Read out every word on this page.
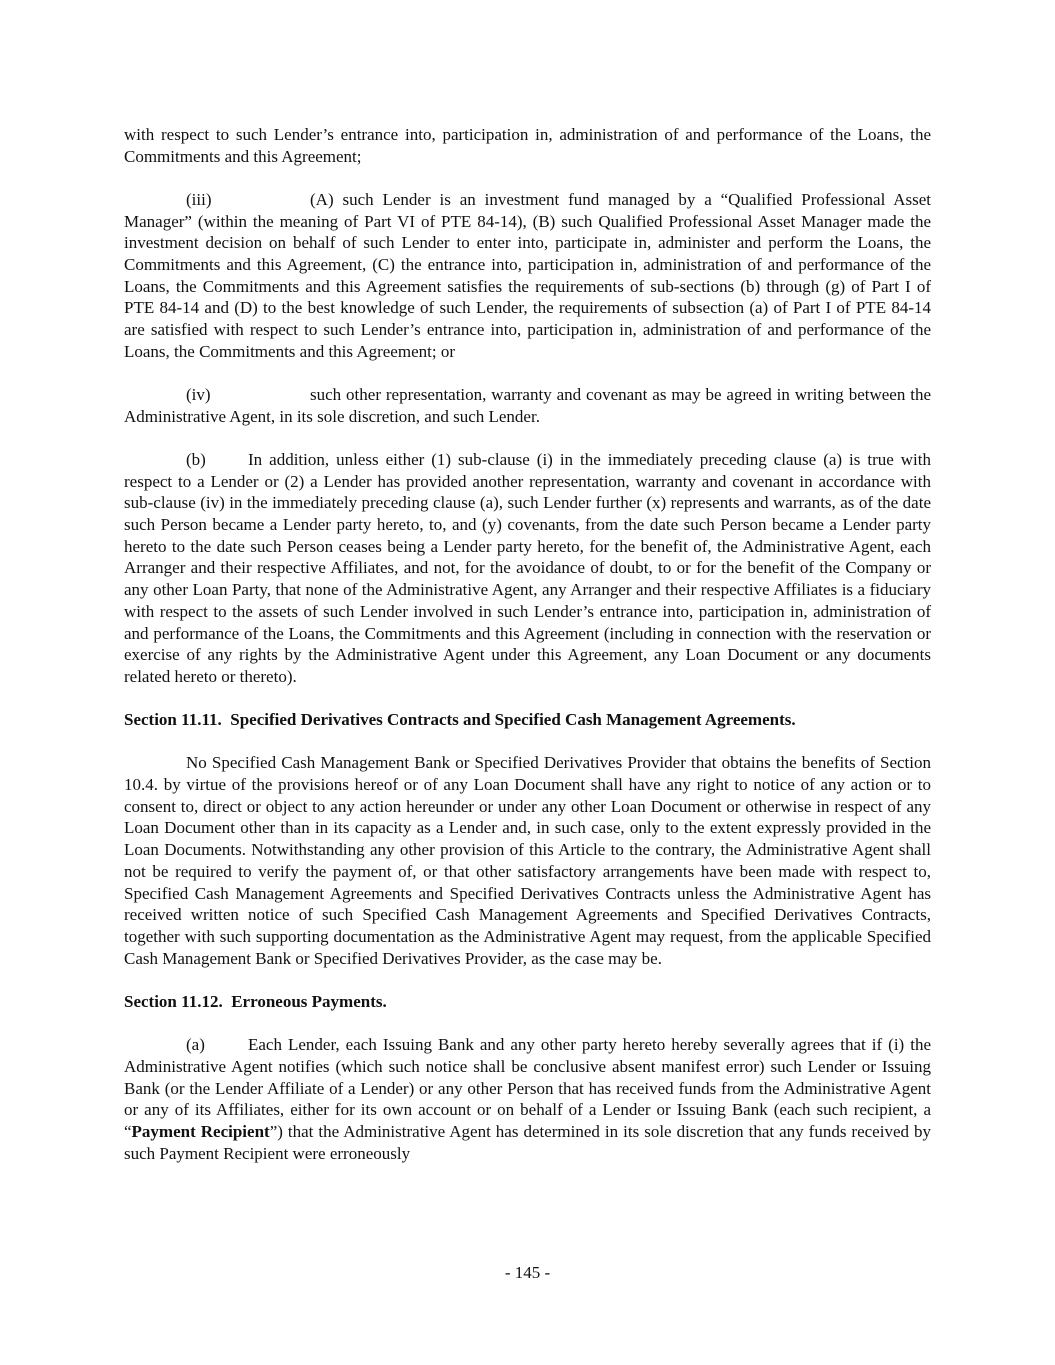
with respect to such Lender’s entrance into, participation in, administration of and performance of the Loans, the Commitments and this Agreement;

(iii)	(A) such Lender is an investment fund managed by a “Qualified Professional Asset Manager” (within the meaning of Part VI of PTE 84-14), (B) such Qualified Professional Asset Manager made the investment decision on behalf of such Lender to enter into, participate in, administer and perform the Loans, the Commitments and this Agreement, (C) the entrance into, participation in, administration of and performance of the Loans, the Commitments and this Agreement satisfies the requirements of sub-sections (b) through (g) of Part I of PTE 84-14 and (D) to the best knowledge of such Lender, the requirements of subsection (a) of Part I of PTE 84-14 are satisfied with respect to such Lender’s entrance into, participation in, administration of and performance of the Loans, the Commitments and this Agreement; or

(iv)	such other representation, warranty and covenant as may be agreed in writing between the Administrative Agent, in its sole discretion, and such Lender.

(b) In addition, unless either (1) sub-clause (i) in the immediately preceding clause (a) is true with respect to a Lender or (2) a Lender has provided another representation, warranty and covenant in accordance with sub-clause (iv) in the immediately preceding clause (a), such Lender further (x) represents and warrants, as of the date such Person became a Lender party hereto, to, and (y) covenants, from the date such Person became a Lender party hereto to the date such Person ceases being a Lender party hereto, for the benefit of, the Administrative Agent, each Arranger and their respective Affiliates, and not, for the avoidance of doubt, to or for the benefit of the Company or any other Loan Party, that none of the Administrative Agent, any Arranger and their respective Affiliates is a fiduciary with respect to the assets of such Lender involved in such Lender’s entrance into, participation in, administration of and performance of the Loans, the Commitments and this Agreement (including in connection with the reservation or exercise of any rights by the Administrative Agent under this Agreement, any Loan Document or any documents related hereto or thereto).

Section 11.11. Specified Derivatives Contracts and Specified Cash Management Agreements.

No Specified Cash Management Bank or Specified Derivatives Provider that obtains the benefits of Section 10.4. by virtue of the provisions hereof or of any Loan Document shall have any right to notice of any action or to consent to, direct or object to any action hereunder or under any other Loan Document or otherwise in respect of any Loan Document other than in its capacity as a Lender and, in such case, only to the extent expressly provided in the Loan Documents. Notwithstanding any other provision of this Article to the contrary, the Administrative Agent shall not be required to verify the payment of, or that other satisfactory arrangements have been made with respect to, Specified Cash Management Agreements and Specified Derivatives Contracts unless the Administrative Agent has received written notice of such Specified Cash Management Agreements and Specified Derivatives Contracts, together with such supporting documentation as the Administrative Agent may request, from the applicable Specified Cash Management Bank or Specified Derivatives Provider, as the case may be.

Section 11.12. Erroneous Payments.

(a)	Each Lender, each Issuing Bank and any other party hereto hereby severally agrees that if (i) the Administrative Agent notifies (which such notice shall be conclusive absent manifest error) such Lender or Issuing Bank (or the Lender Affiliate of a Lender) or any other Person that has received funds from the Administrative Agent or any of its Affiliates, either for its own account or on behalf of a Lender or Issuing Bank (each such recipient, a “Payment Recipient”) that the Administrative Agent has determined in its sole discretion that any funds received by such Payment Recipient were erroneously

- 145 -
